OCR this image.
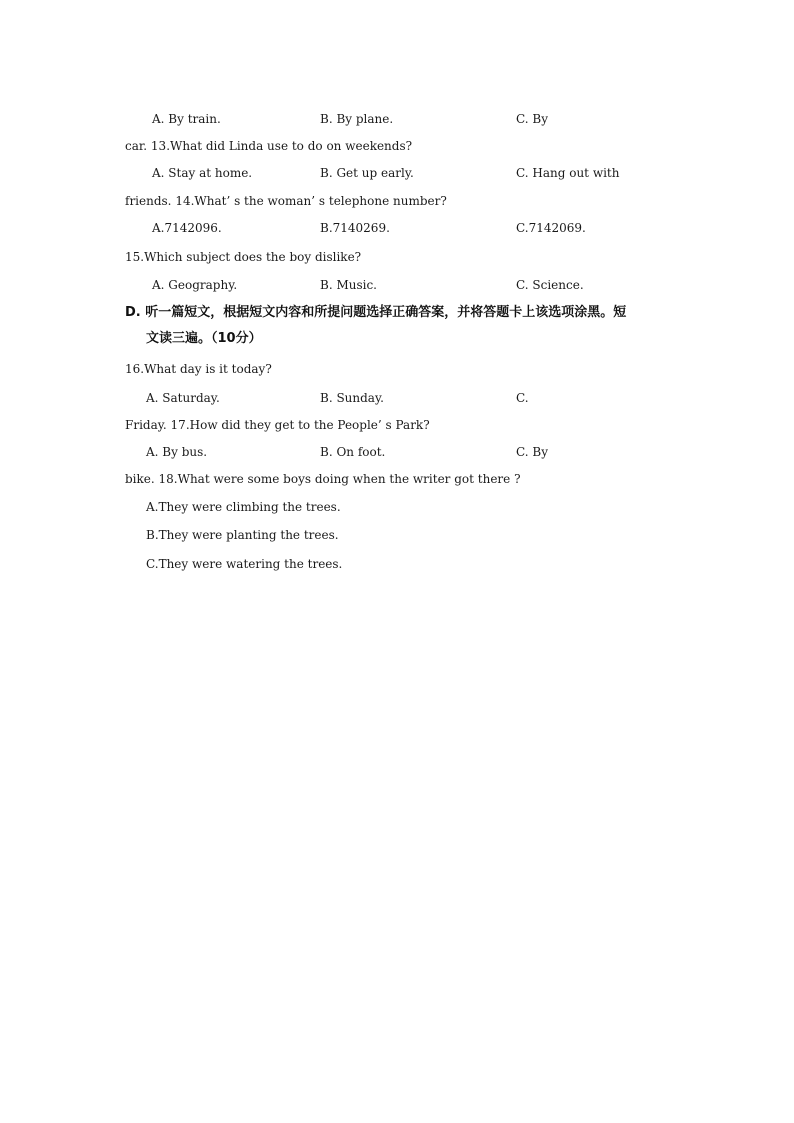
A. By train.	B. By plane.	C. By
car. 13.What did Linda use to do on weekends?
A. Stay at home.	B. Get up early.	C. Hang out with
friends. 14.What’ s the woman’ s telephone number?
A.7142096.	B.7140269.	C.7142069.
15.Which subject does the boy dislike?
A. Geography.	B. Music.	C. Science.
D. 听一篇短文，根据短文内容和所提问题选择正确答案，并将答题卡上该选项涂黑。短
文读三遍。（10分）
16.What day is it today?
A. Saturday.	B. Sunday.	C.
Friday. 17.How did they get to the People’ s Park?
A. By bus.	B. On foot.	C. By
bike. 18.What were some boys doing when the writer got there ?
A.They were climbing the trees.
B.They were planting the trees.
C.They were watering the trees.
